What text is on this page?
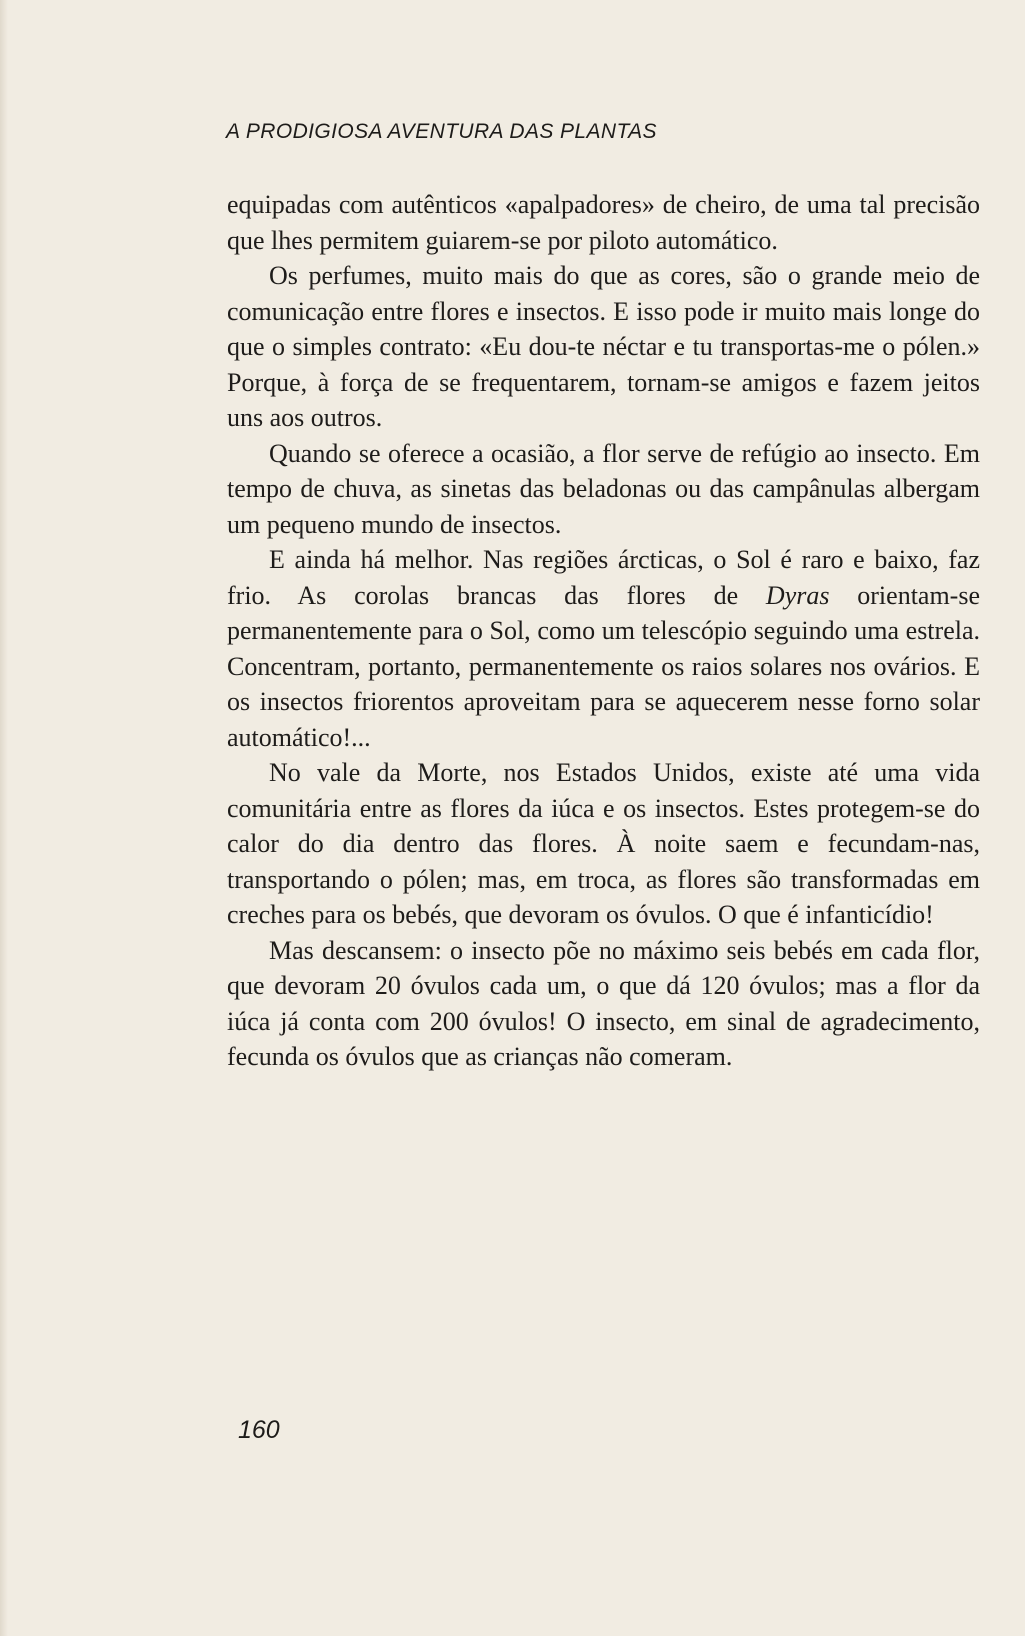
A PRODIGIOSA AVENTURA DAS PLANTAS

equipadas com autênticos «apalpadores» de cheiro, de uma tal precisão que lhes permitem guiarem-se por piloto automático.

Os perfumes, muito mais do que as cores, são o grande meio de comunicação entre flores e insectos. E isso pode ir muito mais longe do que o simples contrato: «Eu dou-te néctar e tu transportas-me o pólen.» Porque, à força de se frequentarem, tornam-se amigos e fazem jeitos uns aos outros.

Quando se oferece a ocasião, a flor serve de refúgio ao insecto. Em tempo de chuva, as sinetas das beladonas ou das campânulas albergam um pequeno mundo de insectos.

E ainda há melhor. Nas regiões árcticas, o Sol é raro e baixo, faz frio. As corolas brancas das flores de Dyras orientam-se permanentemente para o Sol, como um telescópio seguindo uma estrela. Concentram, portanto, permanentemente os raios solares nos ovários. E os insectos friorentos aproveitam para se aquecerem nesse forno solar automático!...

No vale da Morte, nos Estados Unidos, existe até uma vida comunitária entre as flores da iúca e os insectos. Estes protegem-se do calor do dia dentro das flores. À noite saem e fecundam-nas, transportando o pólen; mas, em troca, as flores são transformadas em creches para os bebés, que devoram os óvulos. O que é infanticídio!

Mas descansem: o insecto põe no máximo seis bebés em cada flor, que devoram 20 óvulos cada um, o que dá 120 óvulos; mas a flor da iúca já conta com 200 óvulos! O insecto, em sinal de agradecimento, fecunda os óvulos que as crianças não comeram.

160
